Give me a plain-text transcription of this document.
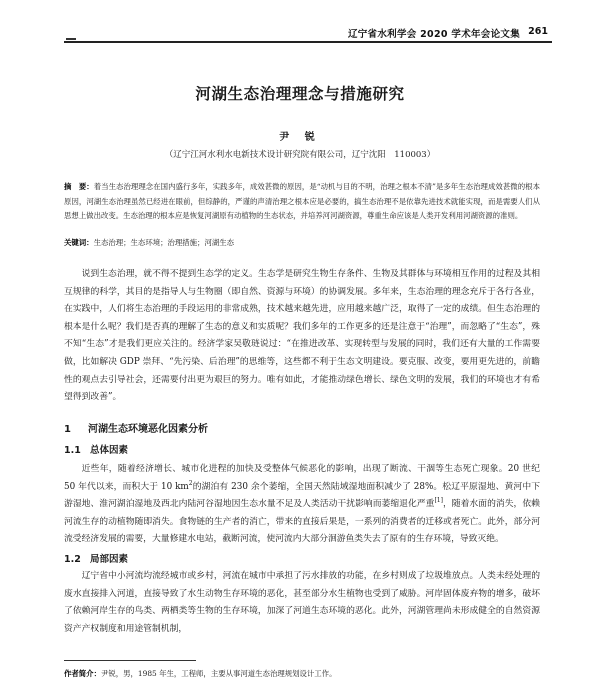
辽宁省水利学会 2020 学术年会论文集 261
河湖生态治理理念与措施研究
尹 锐
（辽宁江河水利水电新技术设计研究院有限公司，辽宁沈阳　110003）
摘　要：着当生态治理理念在国内盛行多年，实践多年，成效甚微的原因，是“动机与目的不明，治理之根本不清”是多年生态治理成效甚微的根本原因，河湖生态治理虽然已经进在眼前，但综静的，严谨的声清治理之根本应是必要的，搞生态治理不是依靠先进技术就能实现，而是需要人们从思想上做出改变。生态治理的根本应是恢复河湖原有动植物的生态状态，并培养河河湖资源，尊重生命应该是人类开发利用河湖资源的准则。
关键词：生态治理；生态环境；治理措施；河湖生态
说到生态治理，就不得不提到生态学的定义。生态学是研究生物生存条件、生物及其群体与环境相互作用的过程及其相互规律的科学，其目的是指导人与生物圈（即自然、资源与环境）的协调发展。多年来，生态治理的理念充斥于各行各业，在实践中，人们将生态治理的手段运用的非常成熟，技术越来越先进，应用越来越广泛，取得了一定的成绩。但生态治理的根本是什么呢？我们是否真的理解了生态的意义和实质呢？我们多年的工作更多的还是注意于“治理”，而忽略了“生态”，殊不知“生态”才是我们更应关注的。经济学家吴敬琏说过：“在推进改革、实现转型与发展的同时，我们还有大量的工作需要做，比如解决 GDP 崇拜、“先污染、后治理”的思维等，这些都不利于生态文明建设。要克服、改变，要用更先进的，前瞻性的观点去引导社会，还需要付出更为艰巨的努力。唯有如此，才能推动绿色增长、绿色文明的发展，我们的环境也才有希望得到改善”。
1 河湖生态环境恶化因素分析
1.1 总体因素
近些年，随着经济增长、城市化进程的加快及受整体气候恶化的影响，出现了断流、干涸等生态死亡现象。20 世纪 50 年代以来，而积大于 10 $km^2$的湖泊有 230 余个萎缩，全国天然陆域湿地面积减少了 28%。松辽平原湿地、黄河中下游湿地、淮河湖泊湿地及西北内陆河谷湿地因生态水量不足及人类活动干扰影响而萎缩退化严重[1]，随着水面的消失，依赖河流生存的动植物随即消失。食物链的生产者的消亡，带来的直接后果是，一系列的消费者的迁移或者死亡。此外，部分河流受经济发展的需要，大量修建水电站，截断河流，使河流内大部分洄游鱼类失去了原有的生存环境，导致灭绝。
1.2 局部因素
辽宁省中小河流均流经城市或乡村，河流在城市中承担了污水排放的功能，在乡村则成了垃圾堆放点。人类未经处理的废水直接排入河道，直接导致了水生动物生存环境的恶化，甚至部分水生植物也受到了威胁。河岸固体废弃物的增多，破坏了依赖河岸生存的鸟类、两栖类等生物的生存环境，加深了河道生态环境的恶化。此外，河湖管理尚未形成健全的自然资源资产产权制度和用途管制机制，
作者简介：尹锐，男，1985 年生，工程师，主要从事河道生态治理规划设计工作。
